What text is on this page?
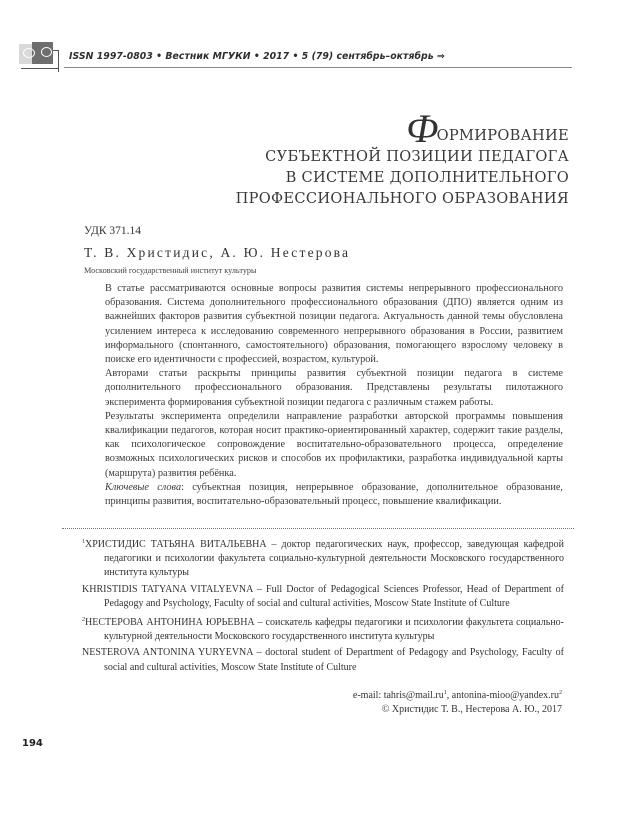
ISSN 1997-0803 • Вестник МГУКИ • 2017 • 5 (79) сентябрь–октябрь ⇒
Ф
ОРМИРОВАНИЕ
СУБЪЕКТНОЙ ПОЗИЦИИ ПЕДАГОГА
В СИСТЕМЕ ДОПОЛНИТЕЛЬНОГО
ПРОФЕССИОНАЛЬНОГО ОБРАЗОВАНИЯ
УДК 371.14
Т. В. Христидис, А. Ю. Нестерова
Московский государственный институт культуры

В статье рассматриваются основные вопросы развития системы непрерывного профессионального образования. Система дополнительного профессионального образования (ДПО) является одним из важнейших факторов развития субъектной позиции педагога. Актуальность данной темы обусловлена усилением интереса к исследованию современного непрерывного образования в России, развитием информального (спонтанного, самостоятельного) образования, помогающего взрослому человеку в поиске его идентичности с профессией, возрастом, культурой.

Авторами статьи раскрыты принципы развития субъектной позиции педагога в системе дополнительного профессионального образования. Представлены результаты пилотажного эксперимента формирования субъектной позиции педагога с различным стажем работы.

Результаты эксперимента определили направление разработки авторской программы повышения квалификации педагогов, которая носит практико-ориентированный характер, содержит такие разделы, как психологическое сопровождение воспитательно-образовательного процесса, определение возможных психологических рисков и способов их профилактики, разработка индивидуальной карты (маршрута) развития ребёнка.

Ключевые слова: субъектная позиция, непрерывное образование, дополнительное образование, принципы развития, воспитательно-образовательный процесс, повышение квалификации.

$^1$ХРИСТИДИС ТАТЬЯНА ВИТАЛЬЕВНА – доктор педагогических наук, профессор, заведующая кафедрой педагогики и психологии факультета социально-культурной деятельности Московского государственного института культуры

KHRISTIDIS TATYANA VITALYEVNA – Full Doctor of Pedagogical Sciences Professor, Head of Department of Pedagogy and Psychology, Faculty of social and cultural activities, Moscow State Institute of Culture

$^2$НЕСТЕРОВА АНТОНИНА ЮРЬЕВНА – соискатель кафедры педагогики и психологии факультета социально-культурной деятельности Московского государственного института культуры

NESTEROVA ANTONINA YURYEVNA – doctoral student of Department of Pedagogy and Psychology, Faculty of social and cultural activities, Moscow State Institute of Culture

e-mail: $tahris@mail.ru^1$, antonina-$mioo@yandex.ru^2$
© Христидис Т. В., Нестерова А. Ю., 2017
194
